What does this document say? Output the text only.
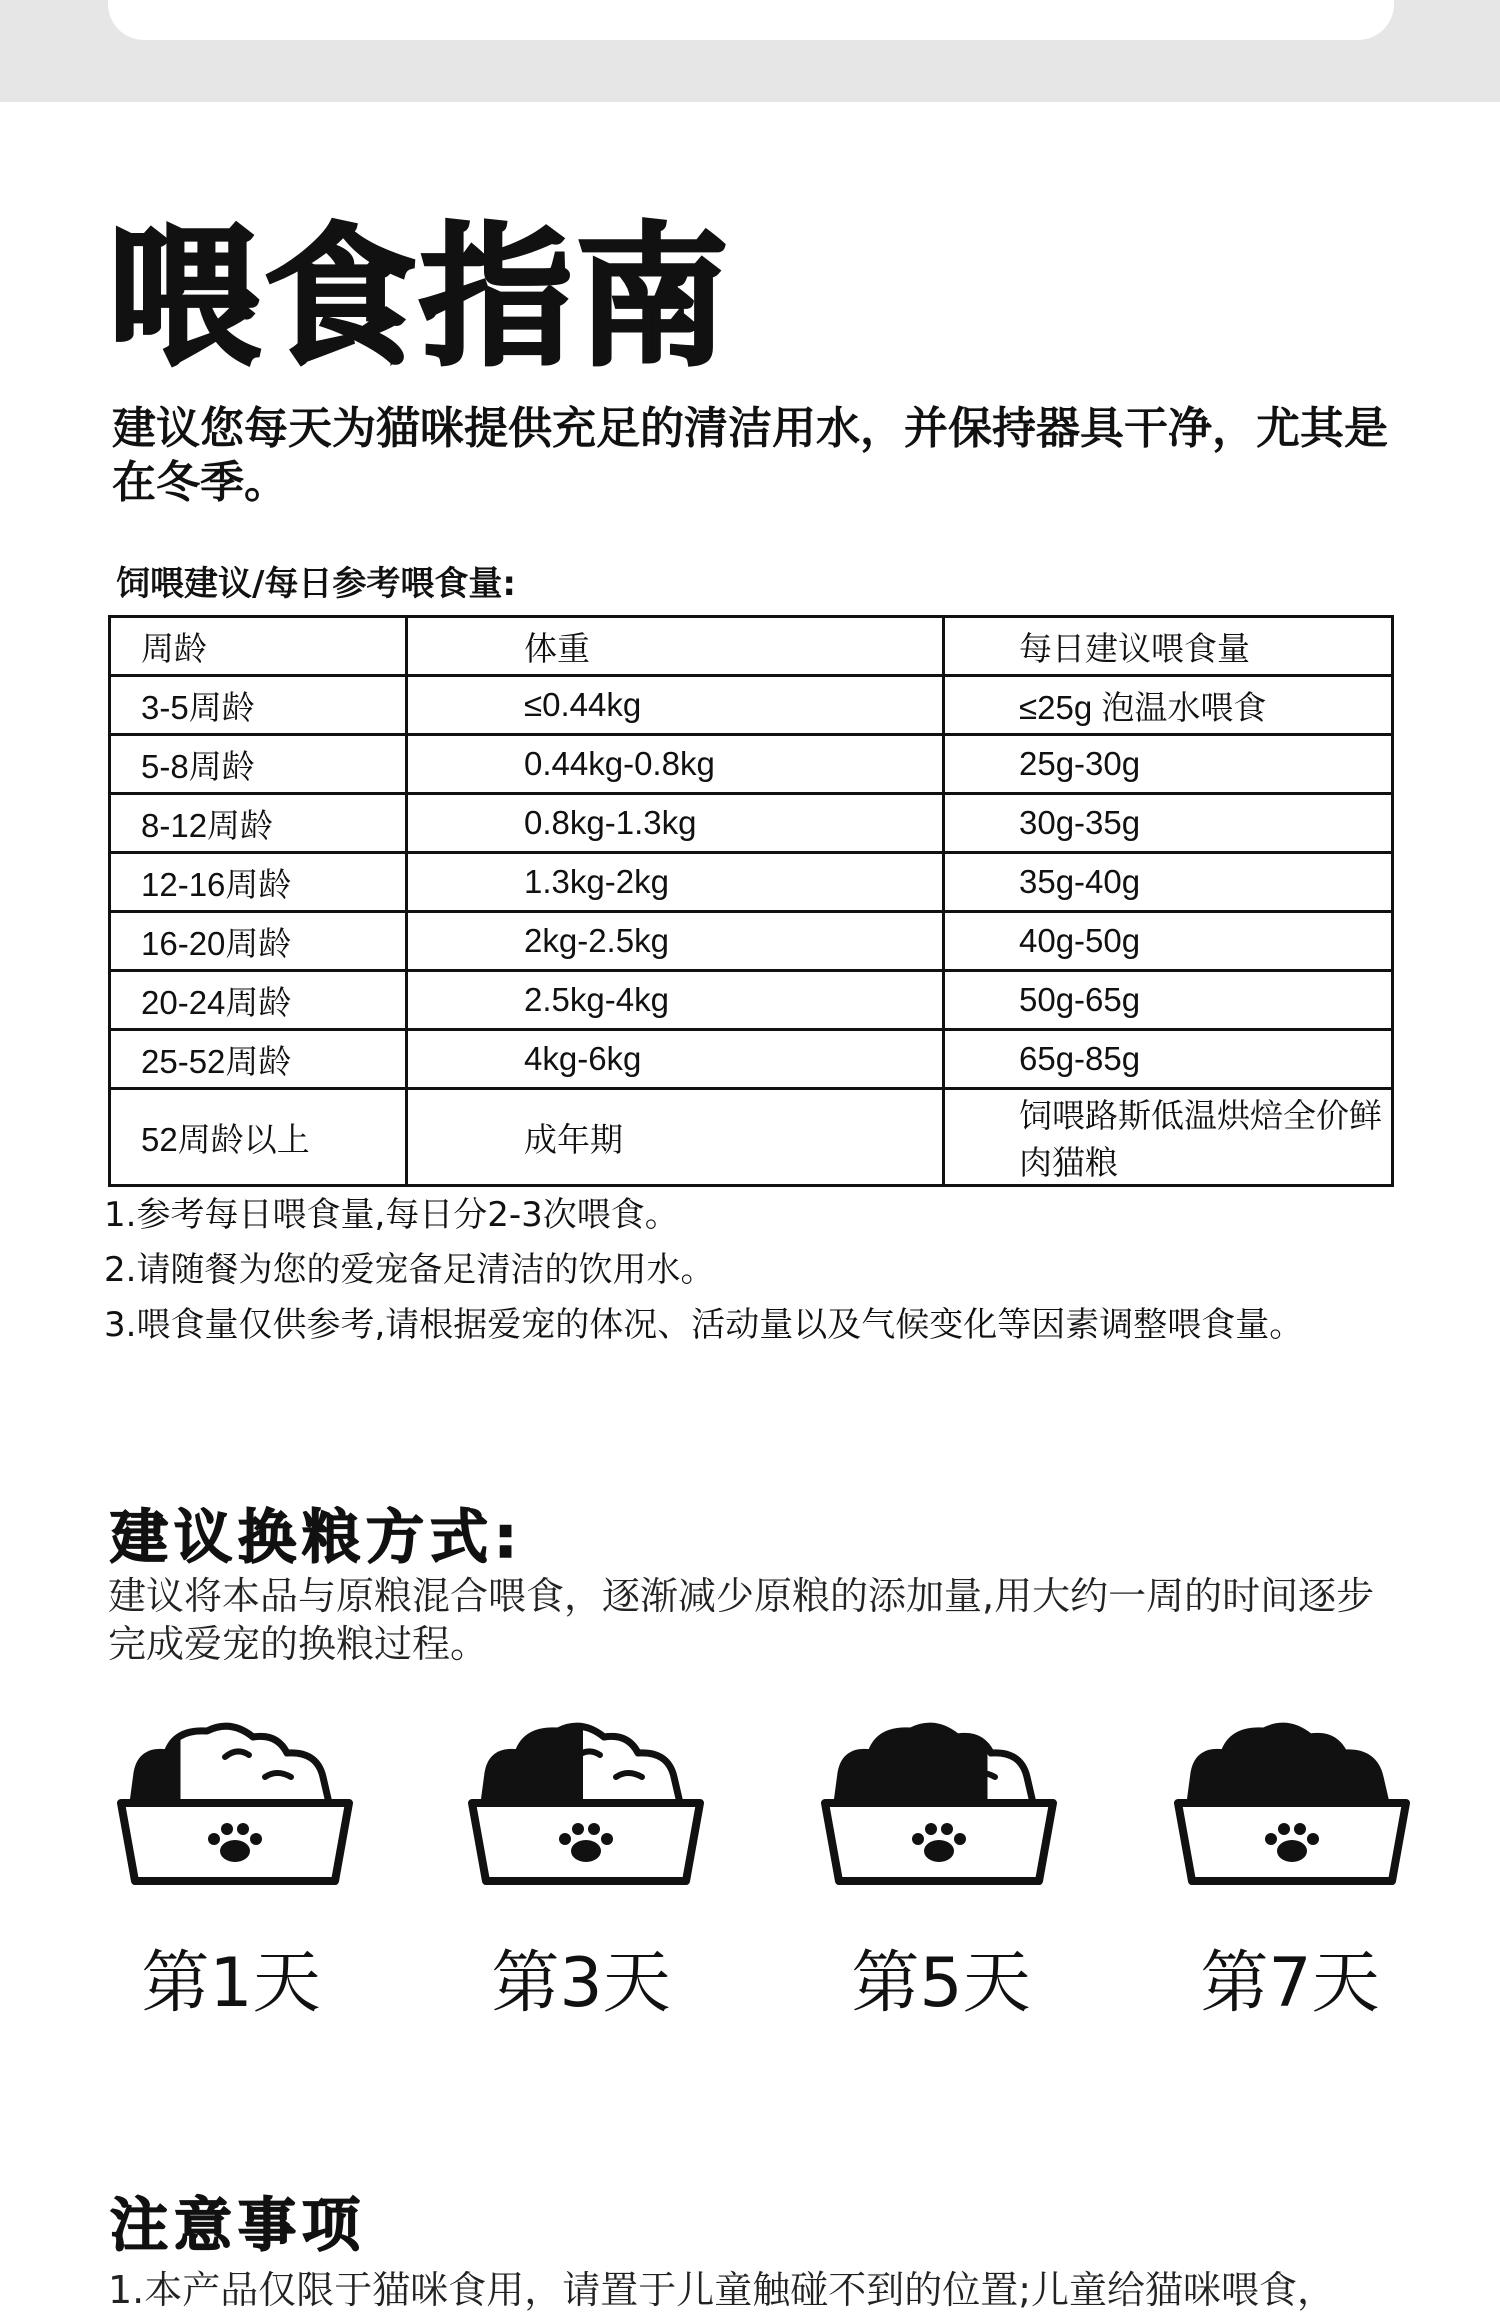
喂食指南

建议您每天为猫咪提供充足的清洁用水，并保持器具干净，尤其是在冬季。

饲喂建议/每日参考喂食量:

周龄	体重	每日建议喂食量
3-5周龄	≤0.44kg	≤25g 泡温水喂食
5-8周龄	0.44kg-0.8kg	25g-30g
8-12周龄	0.8kg-1.3kg	30g-35g
12-16周龄	1.3kg-2kg	35g-40g
16-20周龄	2kg-2.5kg	40g-50g
20-24周龄	2.5kg-4kg	50g-65g
25-52周龄	4kg-6kg	65g-85g
52周龄以上	成年期	饲喂路斯低温烘焙全价鲜肉猫粮
1.参考每日喂食量,每日分2-3次喂食。
2.请随餐为您的爱宠备足清洁的饮用水。
3.喂食量仅供参考,请根据爱宠的体况、活动量以及气候变化等因素调整喂食量。
建议换粮方式:

建议将本品与原粮混合喂食，逐渐减少原粮的添加量,用大约一周的时间逐步完成爱宠的换粮过程。

第1天	第3天	第5天	第7天
注意事项

1.本产品仅限于猫咪食用，请置于儿童触碰不到的位置;儿童给猫咪喂食，
